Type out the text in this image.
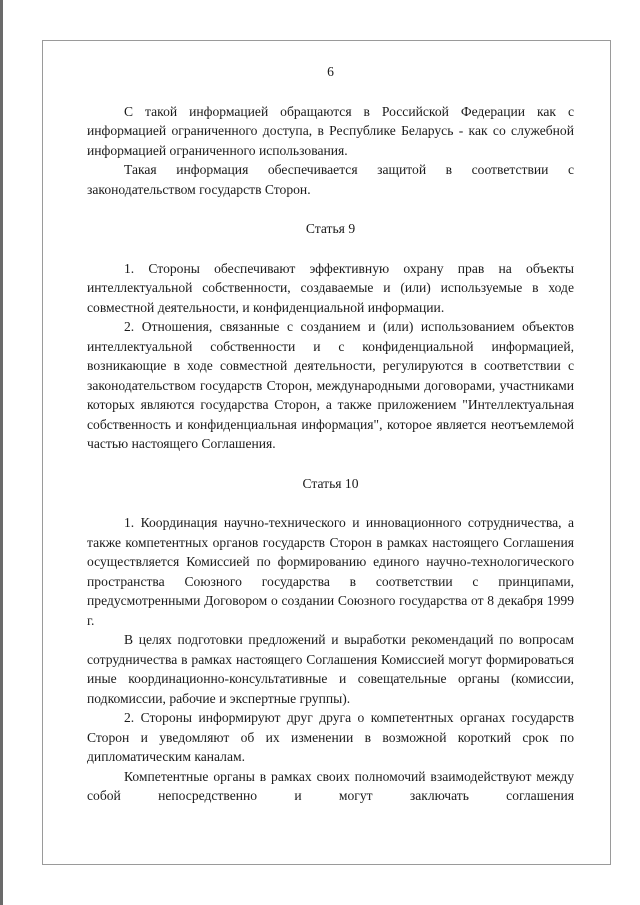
6

С такой информацией обращаются в Российской Федерации как с информацией ограниченного доступа, в Республике Беларусь - как со служебной информацией ограниченного использования.

Такая информация обеспечивается защитой в соответствии с законодательством государств Сторон.

Статья 9

1. Стороны обеспечивают эффективную охрану прав на объекты интеллектуальной собственности, создаваемые и (или) используемые в ходе совместной деятельности, и конфиденциальной информации.

2. Отношения, связанные с созданием и (или) использованием объектов интеллектуальной собственности и с конфиденциальной информацией, возникающие в ходе совместной деятельности, регулируются в соответствии с законодательством государств Сторон, международными договорами, участниками которых являются государства Сторон, а также приложением "Интеллектуальная собственность и конфиденциальная информация", которое является неотъемлемой частью настоящего Соглашения.

Статья 10

1. Координация научно-технического и инновационного сотрудничества, а также компетентных органов государств Сторон в рамках настоящего Соглашения осуществляется Комиссией по формированию единого научно-технологического пространства Союзного государства в соответствии с принципами, предусмотренными Договором о создании Союзного государства от 8 декабря 1999 г.

В целях подготовки предложений и выработки рекомендаций по вопросам сотрудничества в рамках настоящего Соглашения Комиссией могут формироваться иные координационно-консультативные и совещательные органы (комиссии, подкомиссии, рабочие и экспертные группы).

2. Стороны информируют друг друга о компетентных органах государств Сторон и уведомляют об их изменении в возможной короткий срок по дипломатическим каналам.

Компетентные органы в рамках своих полномочий взаимодействуют между собой непосредственно и могут заключать соглашения
